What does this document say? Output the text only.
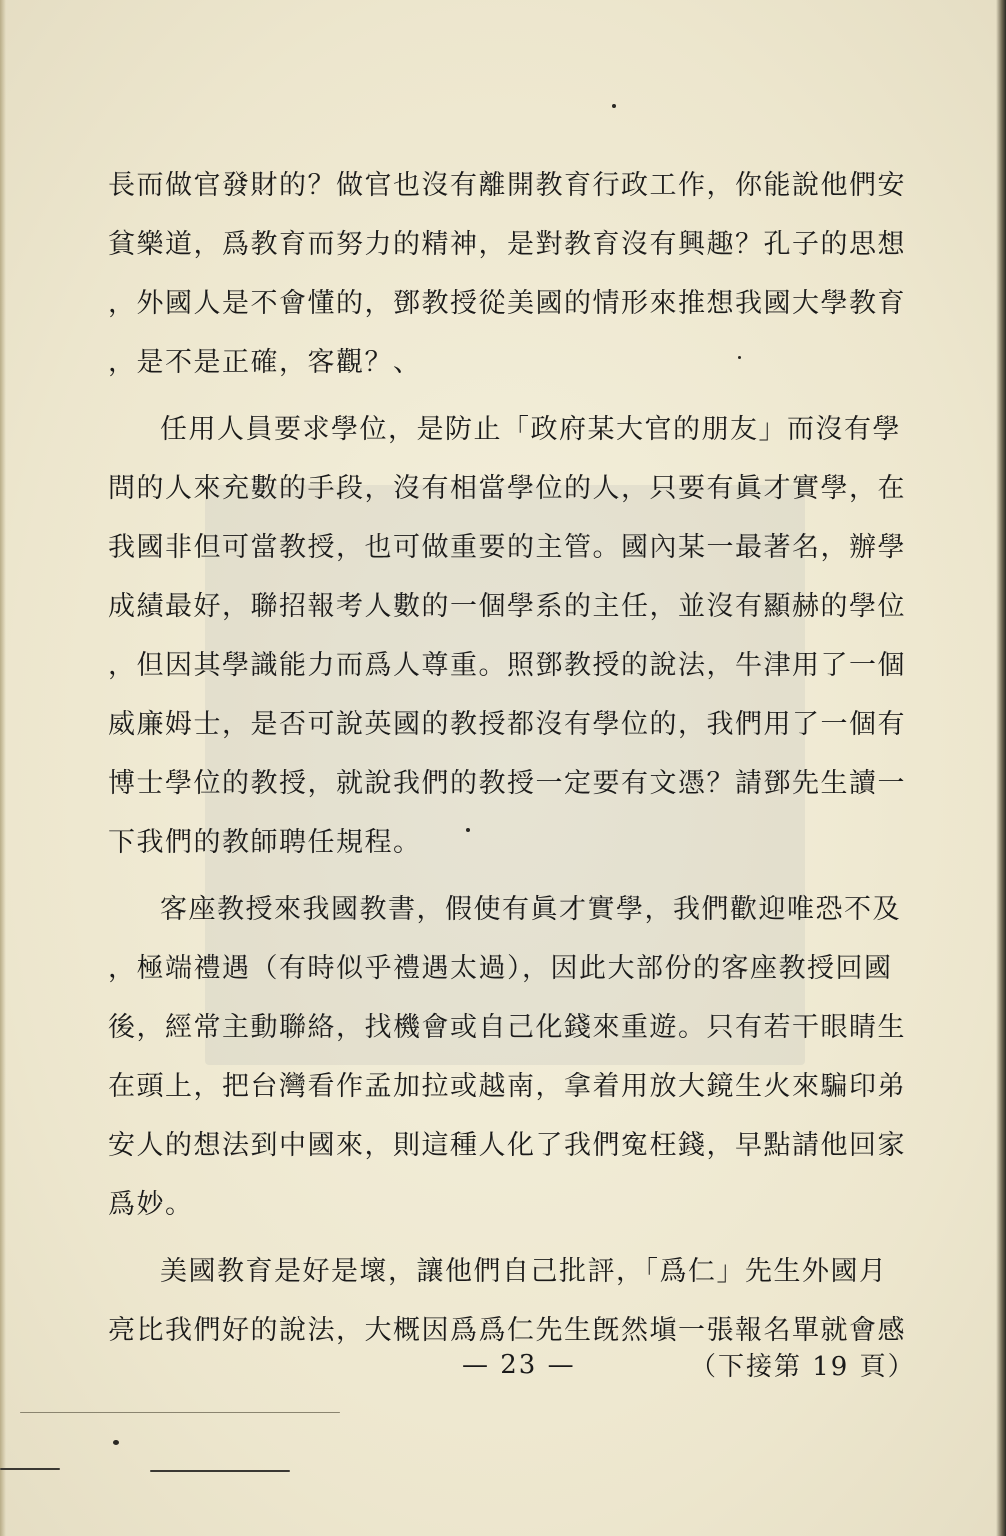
長而做官發財的？做官也沒有離開教育行政工作，你能說他們安
貧樂道，爲教育而努力的精神，是對教育沒有興趣？孔子的思想
，外國人是不會懂的，鄧教授從美國的情形來推想我國大學教育
，是不是正確，客觀？、
任用人員要求學位，是防止「政府某大官的朋友」而沒有學
問的人來充數的手段，沒有相當學位的人，只要有眞才實學，在
我國非但可當教授，也可做重要的主管。國內某一最著名，辦學
成績最好，聯招報考人數的一個學系的主任，並沒有顯赫的學位
，但因其學識能力而爲人尊重。照鄧教授的說法，牛津用了一個
威廉姆士，是否可說英國的教授都沒有學位的，我們用了一個有
博士學位的教授，就說我們的教授一定要有文憑？請鄧先生讀一
下我們的教師聘任規程。
客座教授來我國教書，假使有眞才實學，我們歡迎唯恐不及
，極端禮遇（有時似乎禮遇太過），因此大部份的客座教授回國
後，經常主動聯絡，找機會或自己化錢來重遊。只有若干眼睛生
在頭上，把台灣看作孟加拉或越南，拿着用放大鏡生火來騙印弟
安人的想法到中國來，則這種人化了我們寃枉錢，早點請他回家
爲妙。
美國教育是好是壞，讓他們自己批評，「爲仁」先生外國月
亮比我們好的說法，大概因爲爲仁先生旣然塡一張報名單就會感
— 23 —	（下接第 19 頁）
